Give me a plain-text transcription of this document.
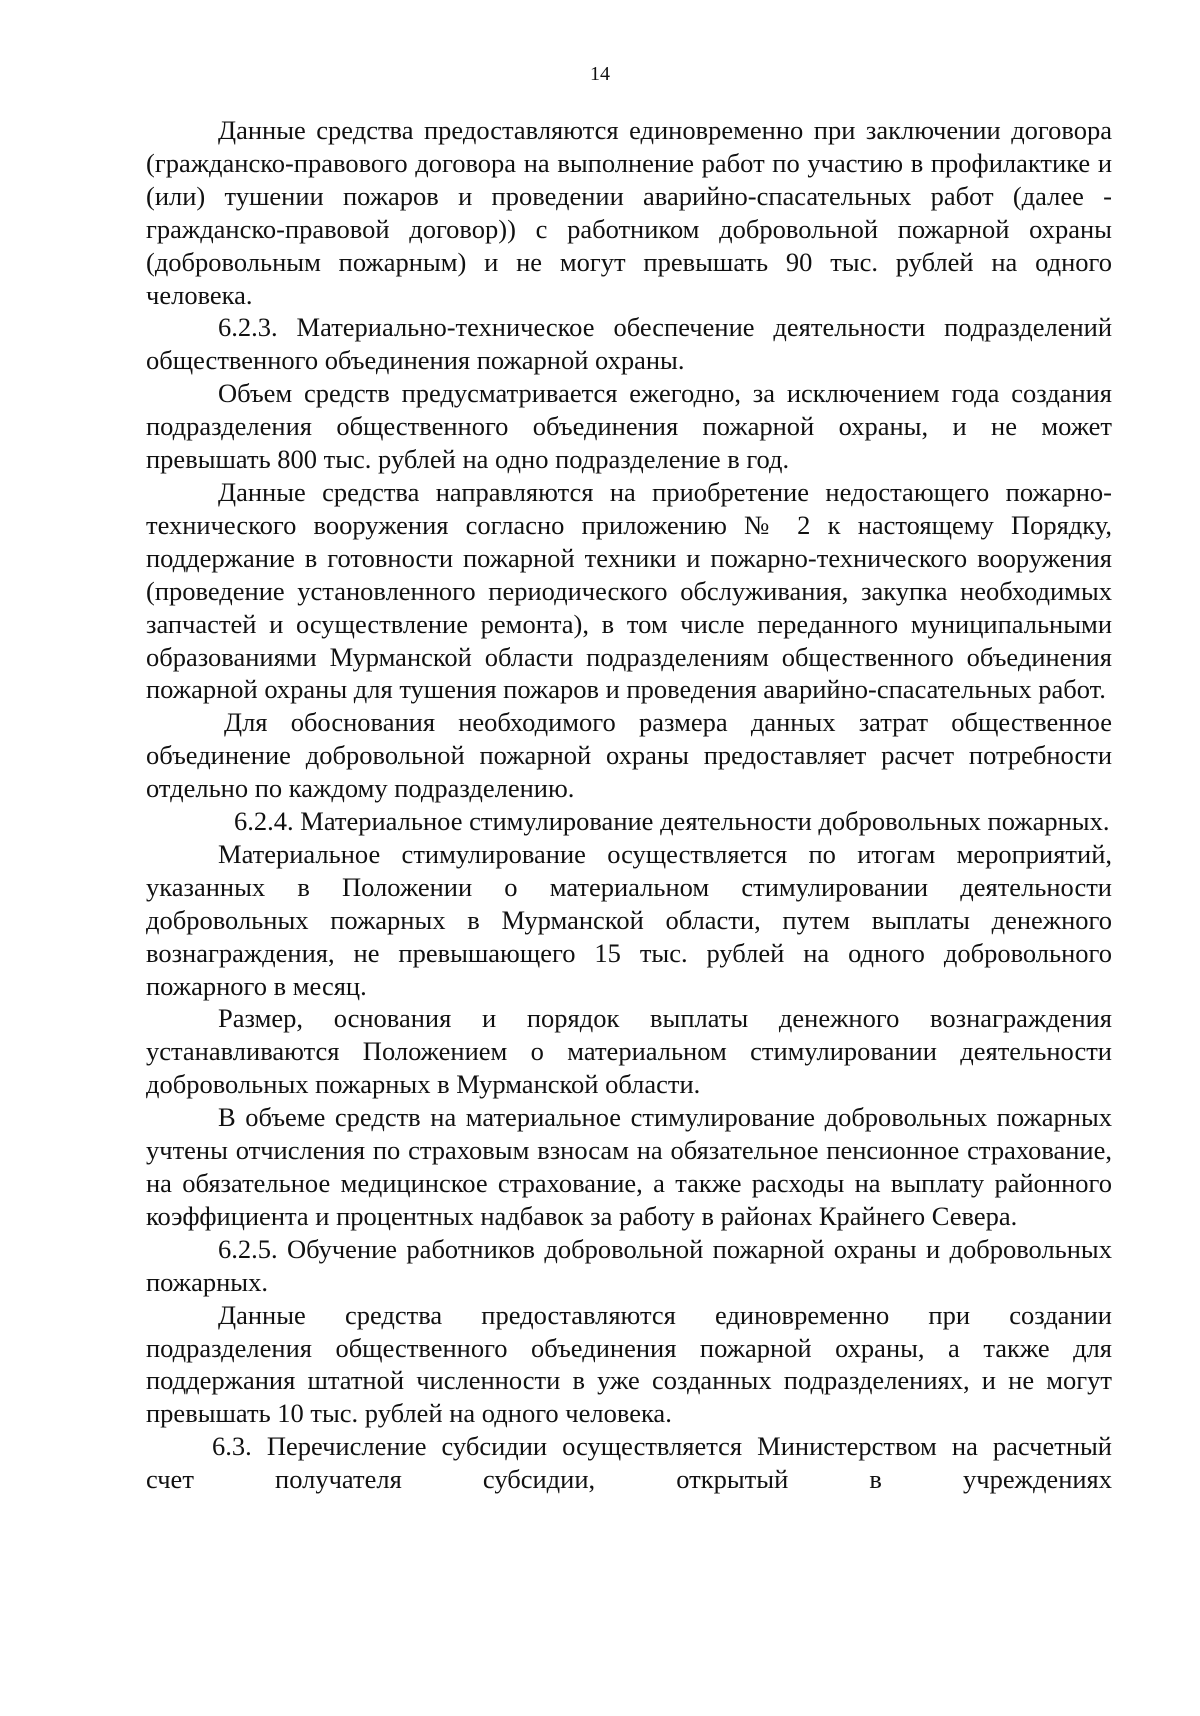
14

Данные средства предоставляются единовременно при заключении договора (гражданско-правового договора на выполнение работ по участию в профилактике и (или) тушении пожаров и проведении аварийно-спасательных работ (далее - гражданско-правовой договор)) с работником добровольной пожарной охраны (добровольным пожарным) и не могут превышать 90 тыс. рублей на одного человека.

6.2.3. Материально-техническое обеспечение деятельности подразделений общественного объединения пожарной охраны.

Объем средств предусматривается ежегодно, за исключением года создания подразделения общественного объединения пожарной охраны, и не может превышать 800 тыс. рублей на одно подразделение в год.

Данные средства направляются на приобретение недостающего пожарно-технического вооружения согласно приложению № 2 к настоящему Порядку, поддержание в готовности пожарной техники и пожарно-технического вооружения (проведение установленного периодического обслуживания, закупка необходимых запчастей и осуществление ремонта), в том числе переданного муниципальными образованиями Мурманской области подразделениям общественного объединения пожарной охраны для тушения пожаров и проведения аварийно-спасательных работ.

Для обоснования необходимого размера данных затрат общественное объединение добровольной пожарной охраны предоставляет расчет потребности отдельно по каждому подразделению.

6.2.4. Материальное стимулирование деятельности добровольных пожарных.

Материальное стимулирование осуществляется по итогам мероприятий, указанных в Положении о материальном стимулировании деятельности добровольных пожарных в Мурманской области, путем выплаты денежного вознаграждения, не превышающего 15 тыс. рублей на одного добровольного пожарного в месяц.

Размер, основания и порядок выплаты денежного вознаграждения устанавливаются Положением о материальном стимулировании деятельности добровольных пожарных в Мурманской области.

В объеме средств на материальное стимулирование добровольных пожарных учтены отчисления по страховым взносам на обязательное пенсионное страхование, на обязательное медицинское страхование, а также расходы на выплату районного коэффициента и процентных надбавок за работу в районах Крайнего Севера.

6.2.5. Обучение работников добровольной пожарной охраны и добровольных пожарных.

Данные средства предоставляются единовременно при создании подразделения общественного объединения пожарной охраны, а также для поддержания штатной численности в уже созданных подразделениях, и не могут превышать 10 тыс. рублей на одного человека.

6.3. Перечисление субсидии осуществляется Министерством на расчетный счет получателя субсидии, открытый в учреждениях
